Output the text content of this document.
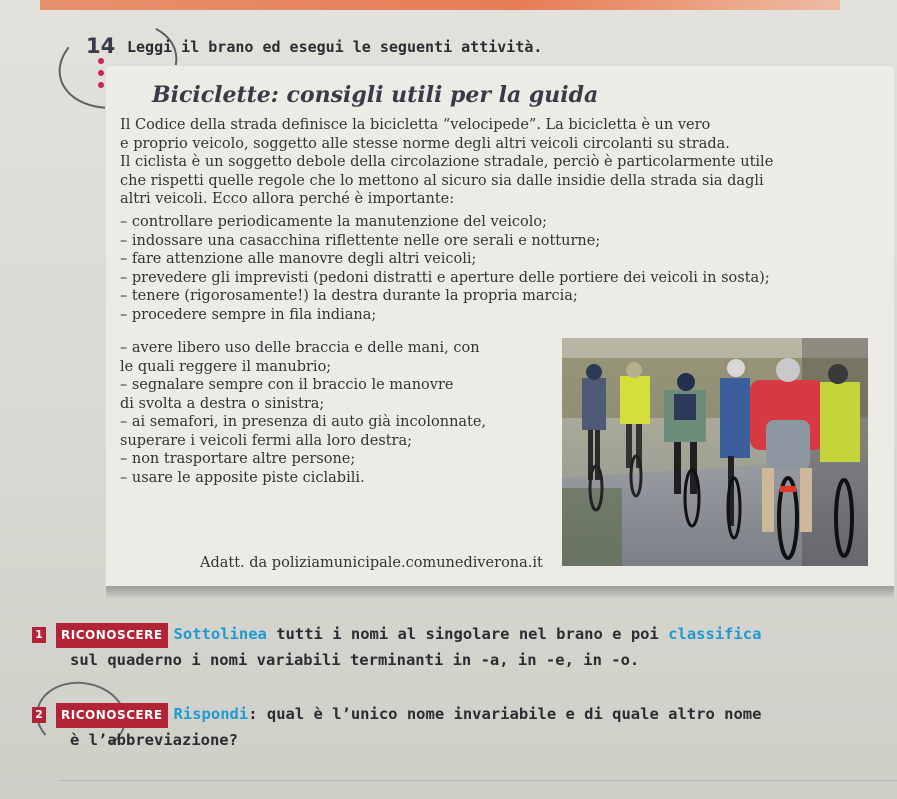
14 Leggi il brano ed esegui le seguenti attività.
Biciclette: consigli utili per la guida
Il Codice della strada definisce la bicicletta “velocipede”. La bicicletta è un vero
e proprio veicolo, soggetto alle stesse norme degli altri veicoli circolanti su strada.
Il ciclista è un soggetto debole della circolazione stradale, perciò è particolarmente utile
che rispetti quelle regole che lo mettono al sicuro sia dalle insidie della strada sia dagli
altri veicoli. Ecco allora perché è importante:
– controllare periodicamente la manutenzione del veicolo;
– indossare una casacchina riflettente nelle ore serali e notturne;
– fare attenzione alle manovre degli altri veicoli;
– prevedere gli imprevisti (pedoni distratti e aperture delle portiere dei veicoli in sosta);
– tenere (rigorosamente!) la destra durante la propria marcia;
– procedere sempre in fila indiana;
– avere libero uso delle braccia e delle mani, con
le quali reggere il manubrio;
– segnalare sempre con il braccio le manovre
di svolta a destra o sinistra;
– ai semafori, in presenza di auto già incolonnate,
superare i veicoli fermi alla loro destra;
– non trasportare altre persone;
– usare le apposite piste ciclabili.
Adatt. da poliziamunicipale.comunediverona.it
1 RICONOSCERE Sottolinea tutti i nomi al singolare nel brano e poi classifica
sul quaderno i nomi variabili terminanti in -a, in -e, in -o.
2 RICONOSCERE Rispondi: qual è l’unico nome invariabile e di quale altro nome
è l’abbreviazione?
